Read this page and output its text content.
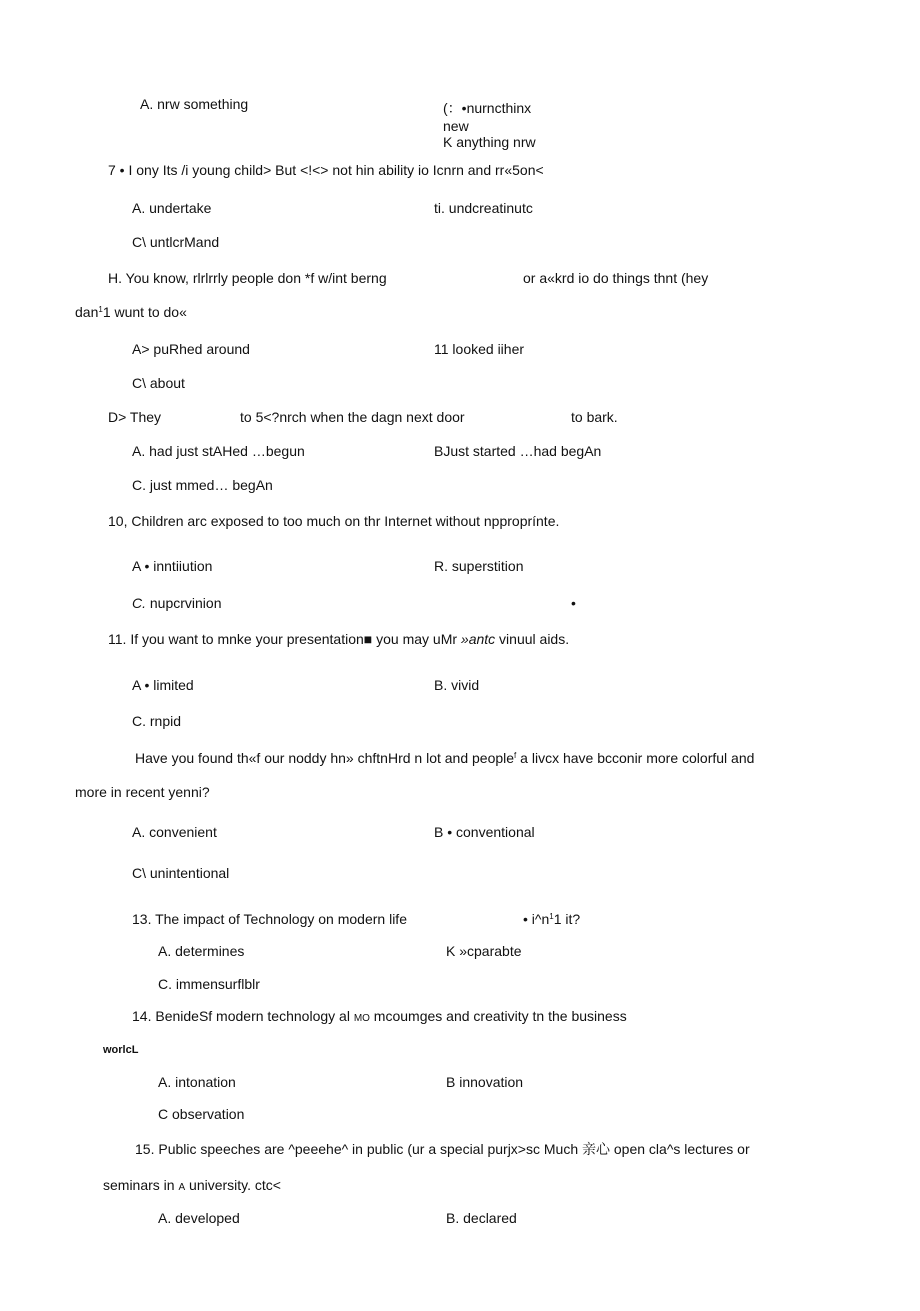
A. nrw something	(：•nurncthinx
new
K anything nrw
7 • I ony Its /i young child> But <!<> not hin ability io Icnrn and rr«5on<
A. undertake	ti. undcreatinutc
C\ untlcrMand
H. You know, rlrlrrly people don *f w/int berng	or a«krd io do things thnt (hey
dan$^1$1 wunt to do«
A> puRhed around	11 looked iiher
C\ about
D> They	to 5<?nrch when the dagn next door	to bark.
A. had just stAHed …begun	BJust started …had begAn
C. just mmed… begAn
10, Children arc exposed to too much on thr Internet without npproprínte.
A • inntiiution	R. superstition
C. nupcrvinion	•
11. If you want to mnke your presentation■ you may uMr »antc vinuul aids.
A • limited	B. vivid
C. rnpid
Have you found th«f our noddy hn» chftnHrd n lot and people$^f$ a livcx have bcconir more colorful and
more in recent yenni?
A. convenient	B • conventional
C\ unintentional
13. The impact of Technology on modern life	• $i\^{}n^11$ it?
A. determines	K »cparabte
C. immensurflblr
14. BenideSf modern technology al MO mcoumges and creativity tn the business
worlcL
A. intonation	B innovation
C observation
15. Public speeches are ^peeehe^ in public (ur a special purjx>sc Much 亲心 open cla^s lectures or
seminars in A university. ctc<
A. developed	B. declared
